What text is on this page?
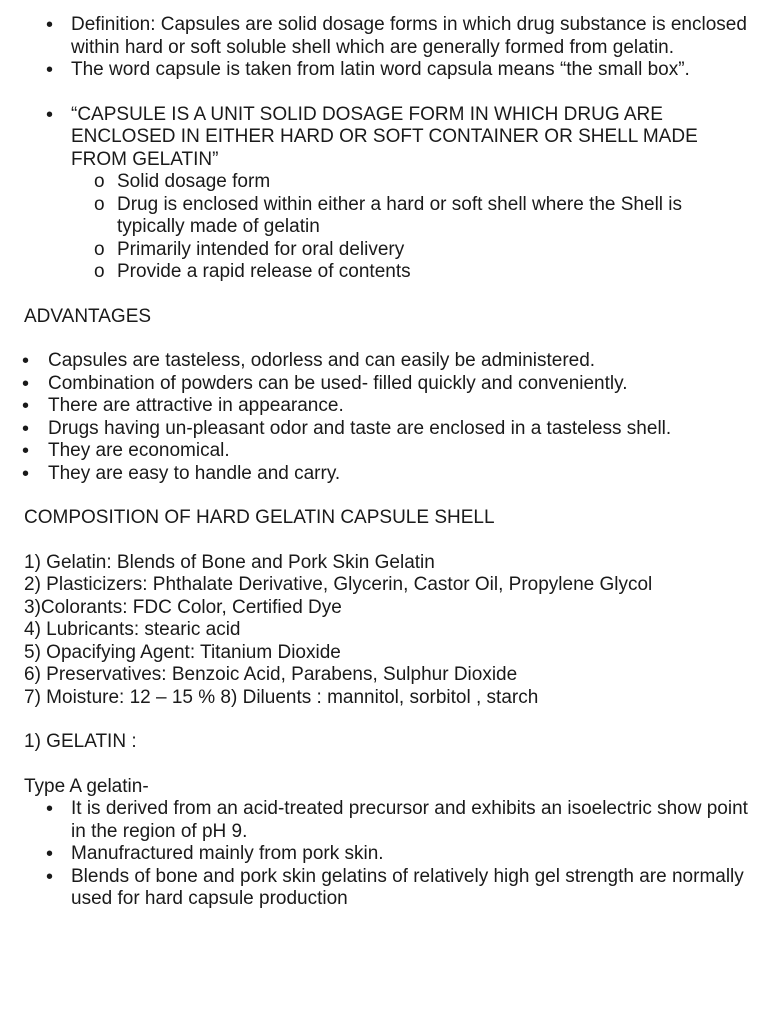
• Definition: Capsules are solid dosage forms in which drug substance is enclosed within hard or soft soluble shell which are generally formed from gelatin.
• The word capsule is taken from latin word capsula means “the small box”.
• “CAPSULE IS A UNIT SOLID DOSAGE FORM IN WHICH DRUG ARE ENCLOSED IN EITHER HARD OR SOFT CONTAINER OR SHELL MADE FROM GELATIN”
o Solid dosage form
o Drug is enclosed within either a hard or soft shell where the Shell is typically made of gelatin
o Primarily intended for oral delivery
o Provide a rapid release of contents
ADVANTAGES
• Capsules are tasteless, odorless and can easily be administered.
• Combination of powders can be used- filled quickly and conveniently.
• There are attractive in appearance.
• Drugs having un-pleasant odor and taste are enclosed in a tasteless shell.
• They are economical.
• They are easy to handle and carry.
COMPOSITION OF HARD GELATIN CAPSULE SHELL
1) Gelatin: Blends of Bone and Pork Skin Gelatin
2) Plasticizers: Phthalate Derivative, Glycerin, Castor Oil, Propylene Glycol
3)Colorants: FDC Color, Certified Dye
4) Lubricants: stearic acid
5) Opacifying Agent: Titanium Dioxide
6) Preservatives: Benzoic Acid, Parabens, Sulphur Dioxide
7) Moisture: 12 – 15 % 8) Diluents : mannitol, sorbitol , starch
1) GELATIN :
Type A gelatin-
• It is derived from an acid-treated precursor and exhibits an isoelectric show point in the region of pH 9.
• Manufractured mainly from pork skin.
• Blends of bone and pork skin gelatins of relatively high gel strength are normally used for hard capsule production
